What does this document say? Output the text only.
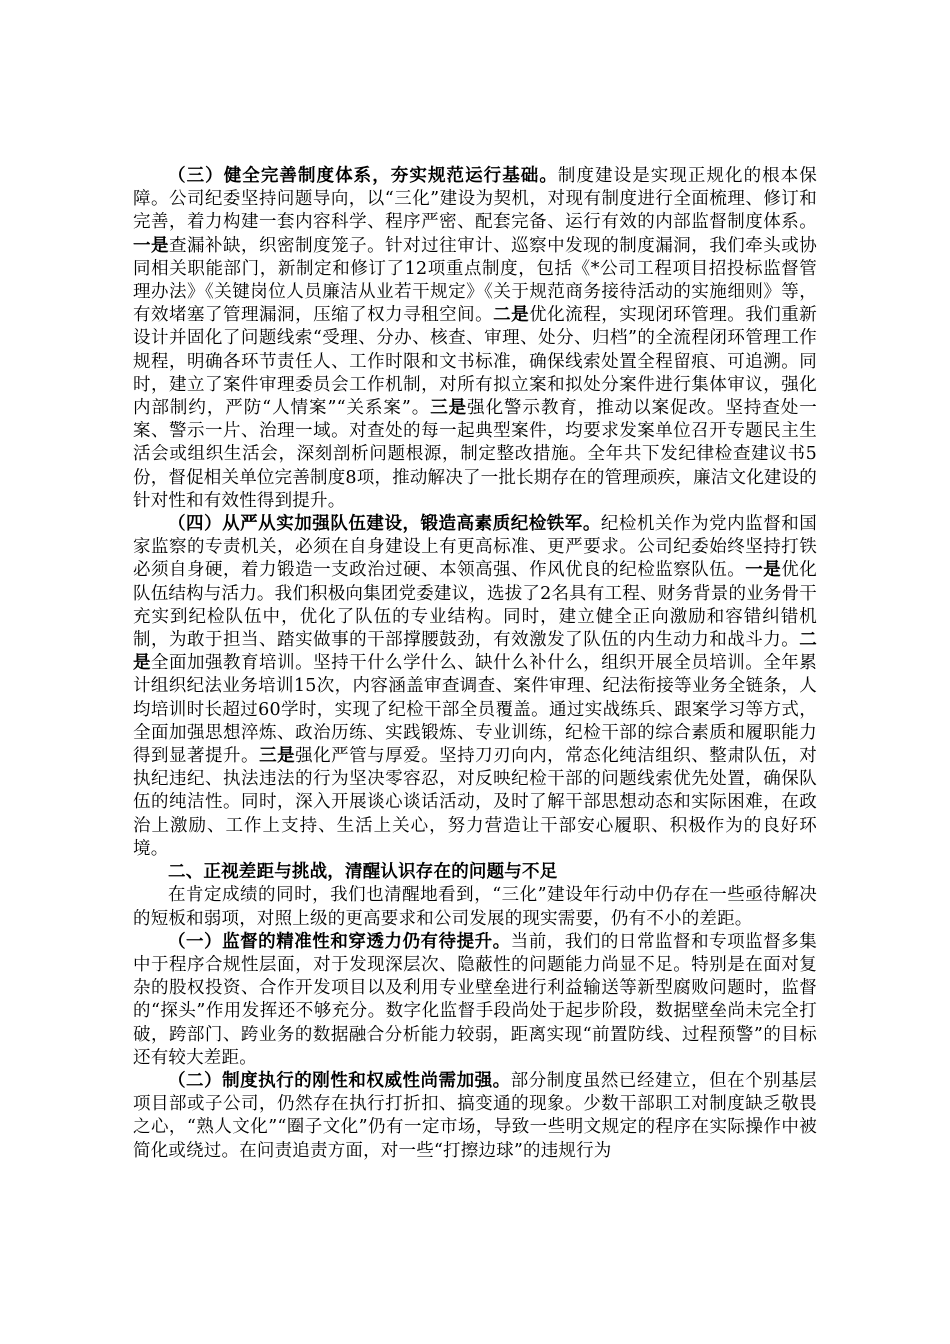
（三）健全完善制度体系，夯实规范运行基础。制度建设是实现正规化的根本保障。公司纪委坚持问题导向，以“三化”建设为契机，对现有制度进行全面梳理、修订和完善，着力构建一套内容科学、程序严密、配套完备、运行有效的内部监督制度体系。一是查漏补缺，织密制度笼子。针对过往审计、巡察中发现的制度漏洞，我们牵头或协同相关职能部门，新制定和修订了12项重点制度，包括《*公司工程项目招投标监督管理办法》《关键岗位人员廉洁从业若干规定》《关于规范商务接待活动的实施细则》等，有效堵塞了管理漏洞，压缩了权力寻租空间。二是优化流程，实现闭环管理。我们重新设计并固化了问题线索“受理、分办、核查、审理、处分、归档”的全流程闭环管理工作规程，明确各环节责任人、工作时限和文书标准，确保线索处置全程留痕、可追溯。同时，建立了案件审理委员会工作机制，对所有拟立案和拟处分案件进行集体审议，强化内部制约，严防“人情案”“关系案”。三是强化警示教育，推动以案促改。坚持查处一案、警示一片、治理一域。对查处的每一起典型案件，均要求发案单位召开专题民主生活会或组织生活会，深刻剖析问题根源，制定整改措施。全年共下发纪律检查建议书5份，督促相关单位完善制度8项，推动解决了一批长期存在的管理顽疾，廉洁文化建设的针对性和有效性得到提升。

（四）从严从实加强队伍建设，锻造高素质纪检铁军。纪检机关作为党内监督和国家监察的专责机关，必须在自身建设上有更高标准、更严要求。公司纪委始终坚持打铁必须自身硬，着力锻造一支政治过硬、本领高强、作风优良的纪检监察队伍。一是优化队伍结构与活力。我们积极向集团党委建议，选拔了2名具有工程、财务背景的业务骨干充实到纪检队伍中，优化了队伍的专业结构。同时，建立健全正向激励和容错纠错机制，为敢于担当、踏实做事的干部撑腰鼓劲，有效激发了队伍的内生动力和战斗力。二是全面加强教育培训。坚持干什么学什么、缺什么补什么，组织开展全员培训。全年累计组织纪法业务培训15次，内容涵盖审查调查、案件审理、纪法衔接等业务全链条，人均培训时长超过60学时，实现了纪检干部全员覆盖。通过实战练兵、跟案学习等方式，全面加强思想淬炼、政治历练、实践锻炼、专业训练，纪检干部的综合素质和履职能力得到显著提升。三是强化严管与厚爱。坚持刀刃向内，常态化纯洁组织、整肃队伍，对执纪违纪、执法违法的行为坚决零容忍，对反映纪检干部的问题线索优先处置，确保队伍的纯洁性。同时，深入开展谈心谈话活动，及时了解干部思想动态和实际困难，在政治上激励、工作上支持、生活上关心，努力营造让干部安心履职、积极作为的良好环境。

二、正视差距与挑战，清醒认识存在的问题与不足

在肯定成绩的同时，我们也清醒地看到，“三化”建设年行动中仍存在一些亟待解决的短板和弱项，对照上级的更高要求和公司发展的现实需要，仍有不小的差距。

（一）监督的精准性和穿透力仍有待提升。当前，我们的日常监督和专项监督多集中于程序合规性层面，对于发现深层次、隐蔽性的问题能力尚显不足。特别是在面对复杂的股权投资、合作开发项目以及利用专业壁垒进行利益输送等新型腐败问题时，监督的“探头”作用发挥还不够充分。数字化监督手段尚处于起步阶段，数据壁垒尚未完全打破，跨部门、跨业务的数据融合分析能力较弱，距离实现“前置防线、过程预警”的目标还有较大差距。

（二）制度执行的刚性和权威性尚需加强。部分制度虽然已经建立，但在个别基层项目部或子公司，仍然存在执行打折扣、搞变通的现象。少数干部职工对制度缺乏敬畏之心，“熟人文化”“圈子文化”仍有一定市场，导致一些明文规定的程序在实际操作中被简化或绕过。在问责追责方面，对一些“打擦边球”的违规行为
